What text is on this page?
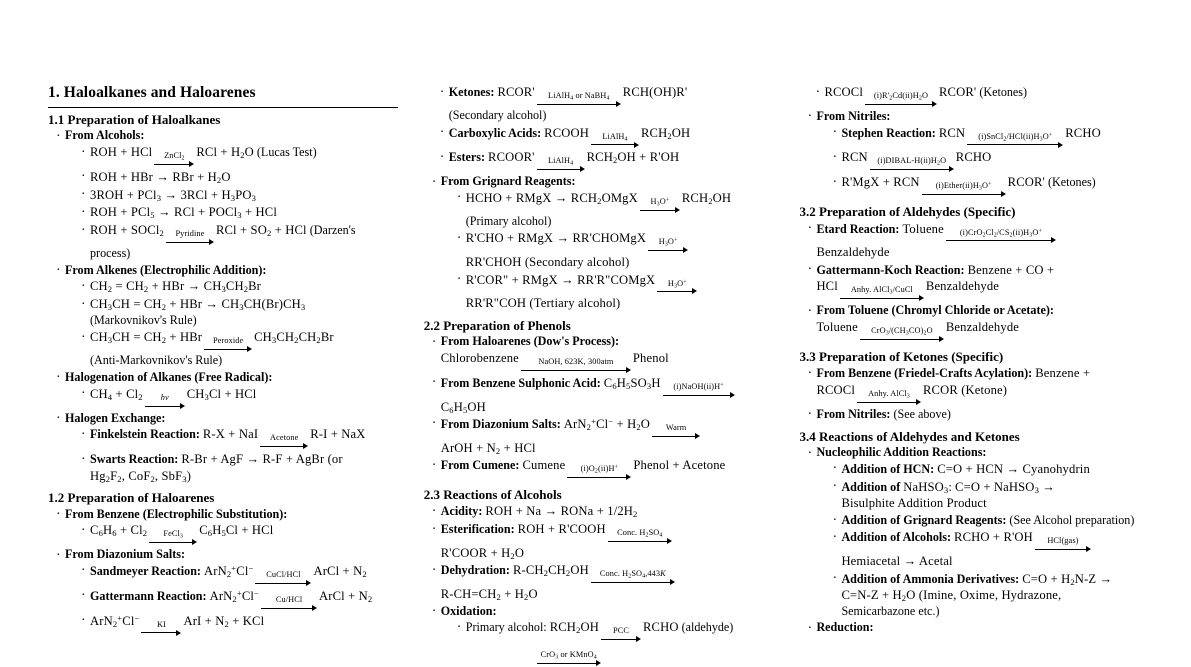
1. Haloalkanes and Haloarenes
1.1 Preparation of Haloalkanes
· From Alcohols:
· ROH + HCl	ZnCl$_2$ RCl + $H_2O$ (Lucas Test)
· ROH + HBr → RBr + $H_2O$
· $3ROH + PCl_3 \to 3RCl + H_3PO_3$
· ROH + PCl$_5$ → RCl + POCl$_3$ + HCl
· ROH + SOCl$_2$	Pyridine RCl + $SO_2$ + HCl (Darzen's process)
· From Alkenes (Electrophilic Addition):
· $CH_2 = CH_2$ + HBr → $CH_3CH_2Br$
· $CH_3CH = CH_2$ + HBr → $CH_3CH(Br)CH_3$
(Markovnikov's Rule)
· $CH_3CH = CH_2$ + HBr	Peroxide $CH_3CH_2CH_2Br$
(Anti-Markovnikov's Rule)
· Halogenation of Alkanes (Free Radical):
· $CH_4 + Cl_2$	hν	$CH_3Cl$ + HCl
· Halogen Exchange:
· Finkelstein Reaction: R-X + NaI	Acetone R-I + NaX
· Swarts Reaction: R-Br + AgF → R-F + AgBr (or
$Hg_2F_2$, CoF$_2$, SbF$_3$)
1.2 Preparation of Haloarenes
· From Benzene (Electrophilic Substitution):
· $C_6H_6 + Cl_2$	FeCl$_3$	$C_6H_5Cl$ + HCl
· From Diazonium Salts:
· Sandmeyer Reaction: ArN$_2$+Cl−
CuCl/HCl	ArCl + $N_2$
· Gattermann Reaction: ArN$_2$+Cl−
Cu/HCl	ArCl + $N_2$
· ArN$_2$+Cl−
KI	ArI + $N_2$ + KCl
· Ketones: RCOR'	LiAlH$_4$ or NaBH$_4$	RCH(OH)R'
(Secondary alcohol)
· Carboxylic Acids: RCOOH	LiAlH$_4$	$RCH_2OH$
· Esters: RCOOR'	LiAlH$_4$	$RCH_2OH + R'OH$
· From Grignard Reagents:
· HCHO + RMgX → $RCH_2OMgX$	$H_3O^+$	$RCH_2OH$
(Primary alcohol)
· R'CHO + RMgX → RR'CHOMgX	$H_3O^+$
RR'CHOH (Secondary alcohol)
· R'COR" + RMgX → RR'R"COMgX	$H_3O^+$
RR'R"COH (Tertiary alcohol)
2.2 Preparation of Phenols
· From Haloarenes (Dow's Process):
Chlorobenzene	NaOH, 623K, 300atm	Phenol
· From Benzene Sulphonic Acid: $C_6H_5SO_3H$	(i)NaOH(ii)H+
$C_6H_5OH$
· From Diazonium Salts: $ArN_2^+Cl^- + H_2O$	Warm
ArOH + $N_2$ + HCl
· From Cumene: Cumene	$(i)O_2(ii)H^+$	Phenol + Acetone
2.3 Reactions of Alcohols
· Acidity: ROH + Na → RONa + $1/2H_2$
· Esterification: ROH + R'COOH	Conc. $H_2SO_4$
R'COOR + $H_2O$
· Dehydration: $R-CH_2CH_2OH$	Conc. $H_2SO_4,443K$
$R-CH=CH_2 + H_2O$
· Oxidation:
· Primary alcohol: $RCH_2OH$	PCC	RCHO (aldehyde)
CrO$_3$ or KMnO$_4$
· RCOCl	$(i)R'_2Cd(ii)H_2O$ RCOR' (Ketones)
· From Nitriles:
· Stephen Reaction: RCN	$(i)SnCl_2/HCl(ii)H_3O^+$	RCHO
· RCN	$(i)DIBAL-H(ii)H_2O$ RCHO
· R'MgX + RCN	$(i)Ether(ii)H_3O^+$	RCOR' (Ketones)
3.2 Preparation of Aldehydes (Specific)
· Etard Reaction: Toluene	$(i)CrO_2Cl_2/CS_2(ii)H_3O^+$
Benzaldehyde
· Gattermann-Koch Reaction: Benzene + CO +
HCl	Anhy. AlCl$_3$/CuCl	Benzaldehyde
· From Toluene (Chromyl Chloride or Acetate):
Toluene	$CrO_3/(CH_3CO)_2O$	Benzaldehyde
3.3 Preparation of Ketones (Specific)
· From Benzene (Friedel-Crafts Acylation): Benzene +
RCOCl	Anhy. AlCl$_3$	RCOR (Ketone)
· From Nitriles: (See above)
3.4 Reactions of Aldehydes and Ketones
· Nucleophilic Addition Reactions:
· Addition of HCN: C=O + HCN → Cyanohydrin
· Addition of NaHSO$_3$: C=O + NaHSO$_3$ →
Bisulphite Addition Product
· Addition of Grignard Reagents: (See Alcohol preparation)
· Addition of Alcohols: RCHO + R'OH	HCl(gas)
Hemiacetal → Acetal
· Addition of Ammonia Derivatives: $C=O + H_2N-Z$ →
$C=N-Z + H_2O$ (Imine, Oxime, Hydrazone,
Semicarbazone etc.)
· Reduction:
